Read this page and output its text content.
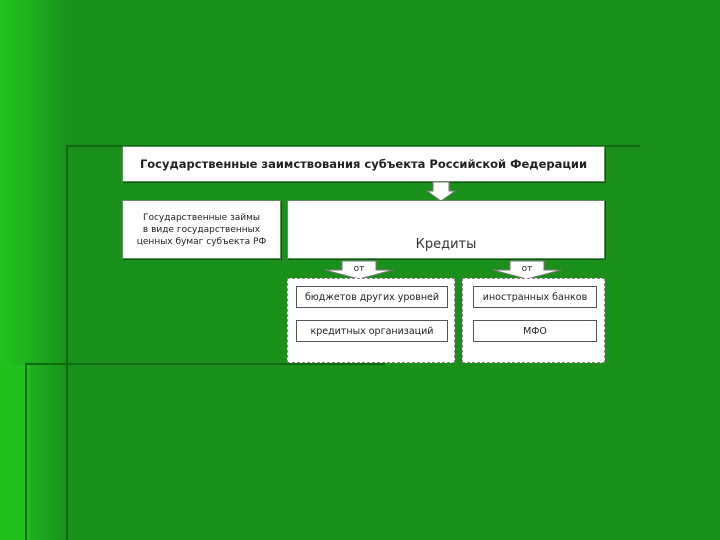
Государственные заимствования субъекта Российской Федерации
Государственные займы
в виде государственных
ценных бумаг субъекта РФ	Кредиты
от	от
бюджетов других уровней
кредитных организаций
иностранных банков
МФО
